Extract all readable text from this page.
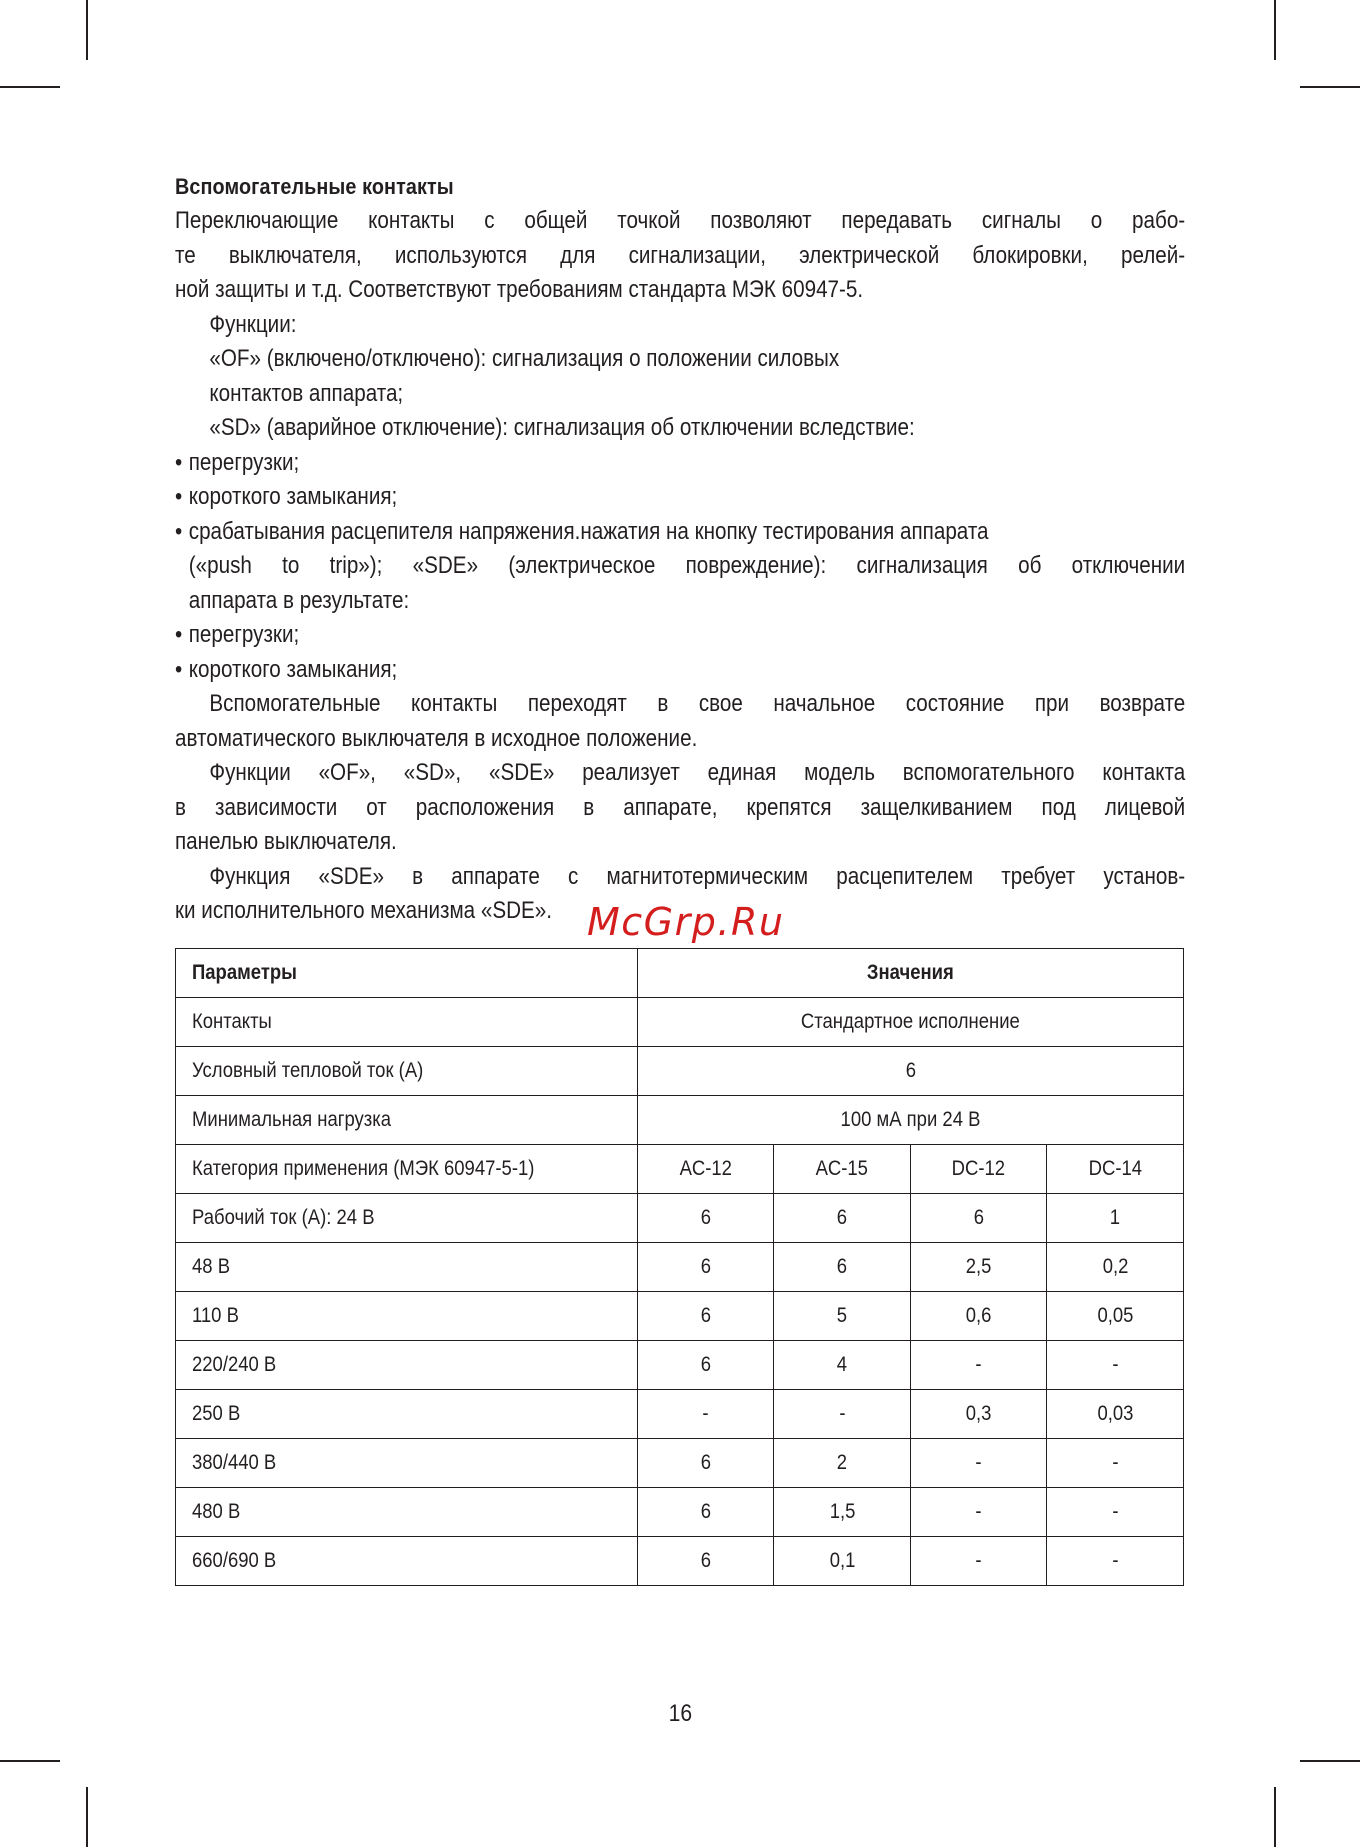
Вспомогательные контакты
Переключающие контакты с общей точкой позволяют передавать сигналы о рабо-
те выключателя, используются для сигнализации, электрической блокировки, релей-
ной защиты и т.д. Соответствуют требованиям стандарта МЭК 60947-5.
Функции:
«OF» (включено/отключено): сигнализация о положении силовых
контактов аппарата;
«SD» (аварийное отключение): сигнализация об отключении вследствие:
• перегрузки;
• короткого замыкания;
• срабатывания расцепителя напряжения.нажатия на кнопку тестирования аппарата
(«push to trip»); «SDE» (электрическое повреждение): сигнализация об отключении
аппарата в результате:
• перегрузки;
• короткого замыкания;
Вспомогательные контакты переходят в свое начальное состояние при возврате
автоматического выключателя в исходное положение.
Функции «OF», «SD», «SDE» реализует единая модель вспомогательного контакта
в зависимости от расположения в аппарате, крепятся защелкиванием под лицевой
панелью выключателя.
Функция «SDE» в аппарате с магнитотермическим расцепителем требует установ-
ки исполнительного механизма «SDE». McGrp.Ru
Параметры	Значения			
Контакты	Стандартное исполнение			
Условный тепловой ток (А)	6			
Минимальная нагрузка	100 мА при 24 В			
Категория применения (МЭК 60947-5-1)	AC-12	AC-15	DC-12	DC-14
Рабочий ток (А): 24 В	6	6	6	1
48 В	6	6	2,5	0,2
110 В	6	5	0,6	0,05
220/240 В	6	4	-	-
250 В	-	-	0,3	0,03
380/440 В	6	2	-	-
480 В	6	1,5	-	-
660/690 В	6	0,1	-	-
16
